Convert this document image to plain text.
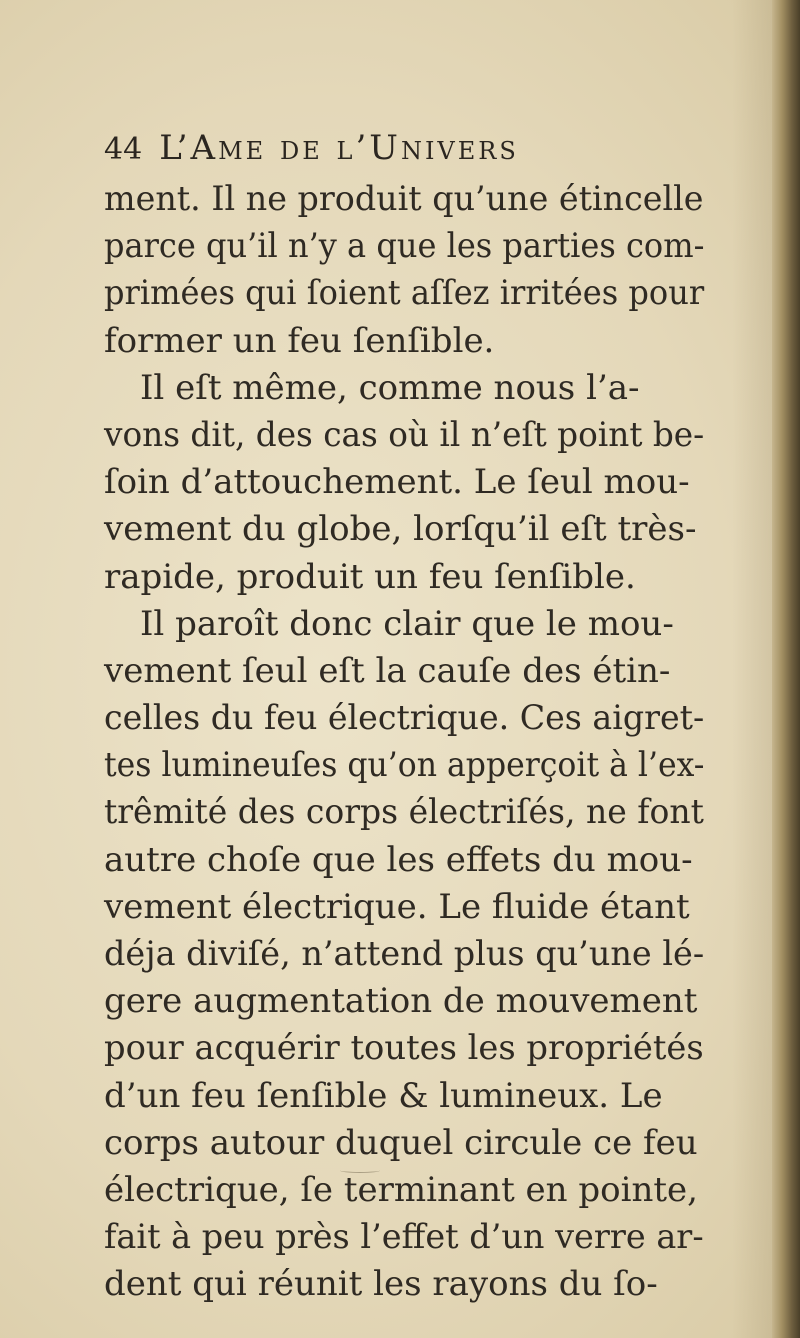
44 L’Ame de l’Univers
ment. Il ne produit qu’une étincelle
parce qu’il n’y a que les parties com-
primées qui ſoient aſſez irritées pour
former un feu ſenſible.
Il eſt même, comme nous l’a-
vons dit, des cas où il n’eſt point be-
ſoin d’attouchement. Le ſeul mou-
vement du globe, lorſqu’il eſt très-
rapide, produit un feu ſenſible.
Il paroît donc clair que le mou-
vement ſeul eſt la cauſe des étin-
celles du feu électrique. Ces aigret-
tes lumineuſes qu’on apperçoit à l’ex-
trêmité des corps électriſés, ne font
autre choſe que les effets du mou-
vement électrique. Le fluide étant
déja diviſé, n’attend plus qu’une lé-
gere augmentation de mouvement
pour acquérir toutes les propriétés
d’un feu ſenſible & lumineux. Le
corps autour duquel circule ce feu
électrique, ſe terminant en pointe,
fait à peu près l’effet d’un verre ar-
dent qui réunit les rayons du ſo-
